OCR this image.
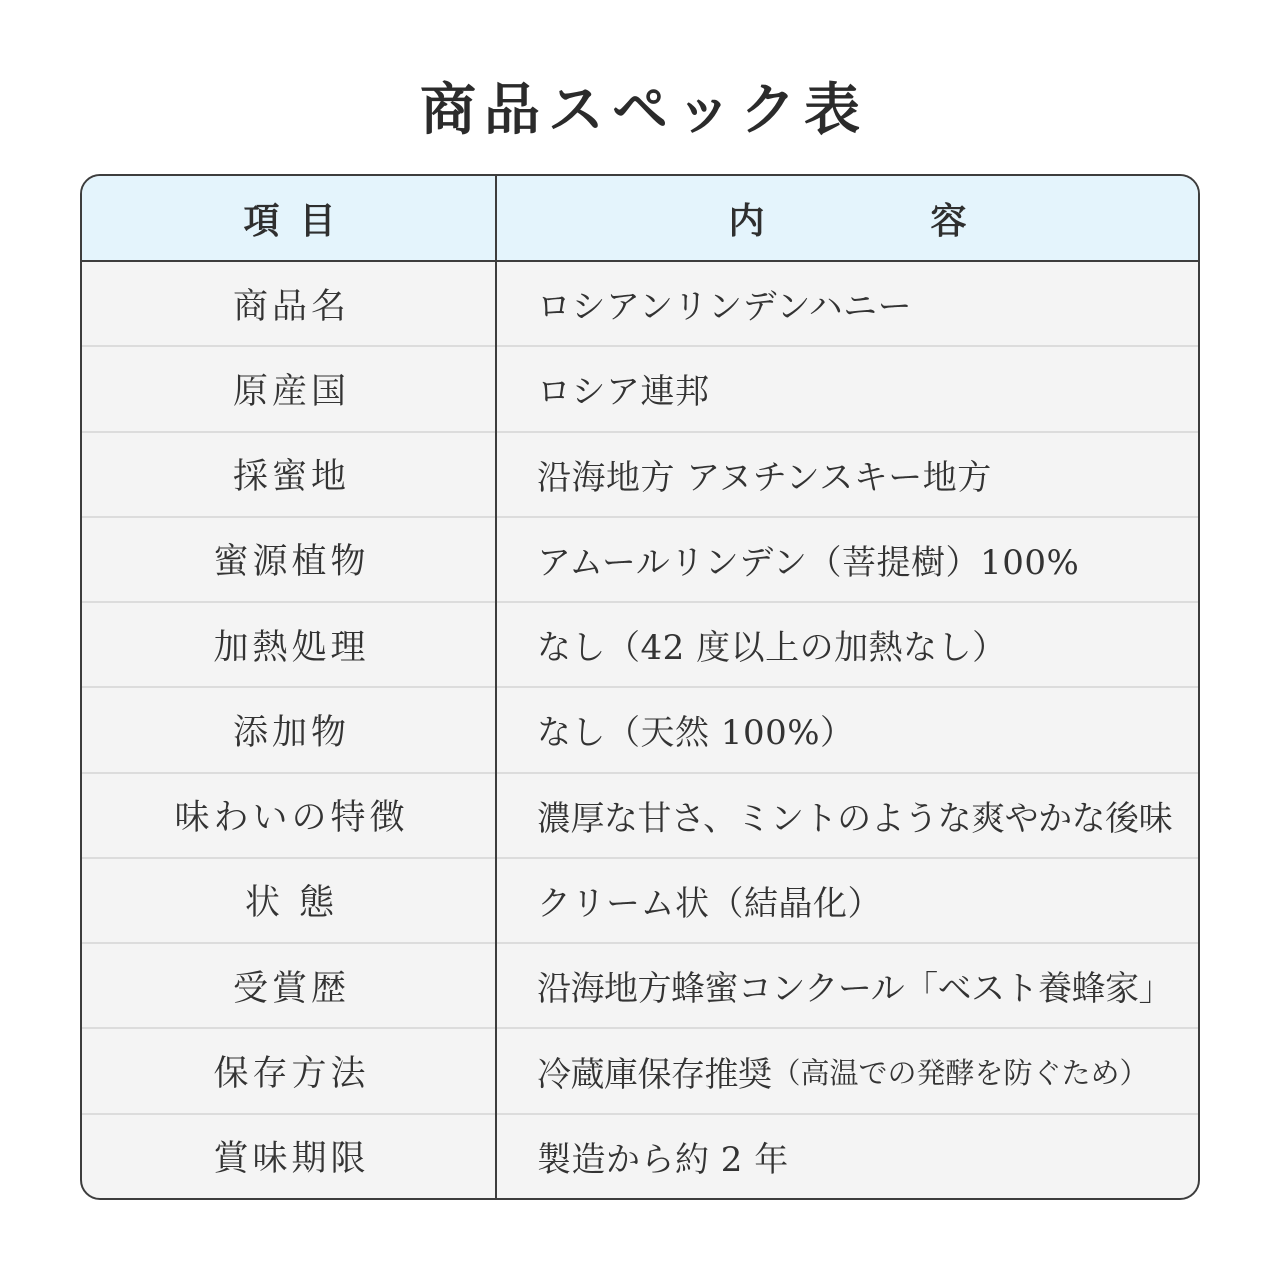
商品スペック表
項目	内容
商品名	ロシアンリンデンハニー
原産国	ロシア連邦
採蜜地	沿海地方 アヌチンスキー地方
蜜源植物	アムールリンデン（菩提樹）100%
加熱処理	なし（42 度以上の加熱なし）
添加物	なし（天然 100%）
味わいの特徴	濃厚な甘さ、ミントのような爽やかな後味
状 態	クリーム状（結晶化）
受賞歴	沿海地方蜂蜜コンクール「ベスト養蜂家」
保存方法	冷蔵庫保存推奨 （高温での発酵を防ぐため）
賞味期限	製造から約 2 年
